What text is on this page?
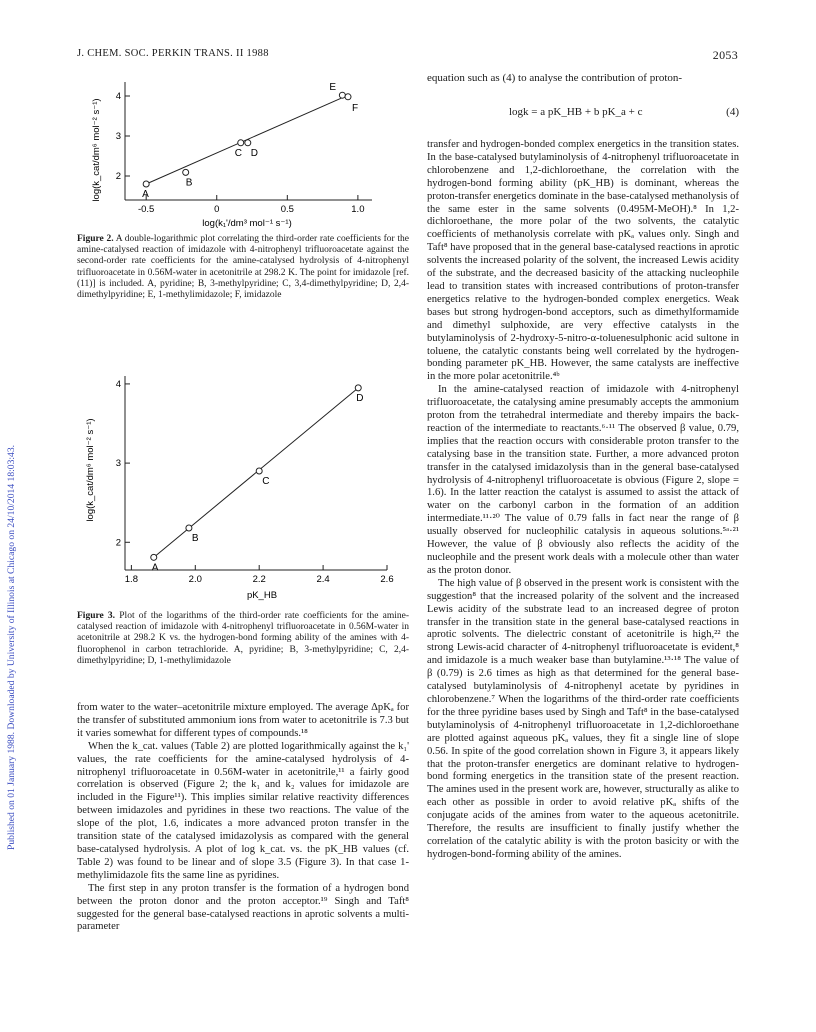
J. CHEM. SOC. PERKIN TRANS. II 1988	2053
Published on 01 January 1988. Downloaded by University of Illinois at Chicago on 24/10/2014 18:03:43.
-0.5	0	0.5	1.0
2
3
4
A
B
C D
E
F
log(k_cat/dm⁶ mol⁻² s⁻¹)
log(k₁'/dm³ mol⁻¹ s⁻¹)
Figure 2. A double-logarithmic plot correlating the third-order rate coefficients for the amine-catalysed reaction of imidazole with 4-nitrophenyl trifluoroacetate against the second-order rate coefficients for the amine-catalysed hydrolysis of 4-nitrophenyl trifluoroacetate in 0.56M-water in acetonitrile at 298.2 K. The point for imidazole [ref. (11)] is included. A, pyridine; B, 3-methylpyridine; C, 3,4-dimethylpyridine; D, 2,4-dimethylpyridine; E, 1-methylimidazole; F, imidazole
1.8	2.0	2.2	2.4	2.6
2
3
4
A
B
C
D
log(k_cat/dm⁶ mol⁻² s⁻¹)
pK_HB
Figure 3. Plot of the logarithms of the third-order rate coefficients for the amine-catalysed reaction of imidazole with 4-nitrophenyl trifluoroacetate in 0.56M-water in acetonitrile at 298.2 K vs. the hydrogen-bond forming ability of the amines with 4-fluorophenol in carbon tetrachloride. A, pyridine; B, 3-methylpyridine; C, 2,4-dimethylpyridine; D, 1-methylimidazole

from water to the water–acetonitrile mixture employed. The average ΔpKₐ for the transfer of substituted ammonium ions from water to acetonitrile is 7.3 but it varies somewhat for different types of compounds.¹⁸

When the k_cat. values (Table 2) are plotted logarithmically against the k₁' values, the rate coefficients for the amine-catalysed hydrolysis of 4-nitrophenyl trifluoroacetate in 0.56M-water in acetonitrile,¹¹ a fairly good correlation is observed (Figure 2; the k₁ and k₂ values for imidazole are included in the Figure¹¹). This implies similar relative reactivity differences between imidazoles and pyridines in these two reactions. The value of the slope of the plot, 1.6, indicates a more advanced proton transfer in the transition state of the catalysed imidazolysis as compared with the general base-catalysed hydrolysis. A plot of log k_cat. vs. the pK_HB values (cf. Table 2) was found to be linear and of slope 3.5 (Figure 3). In that case 1-methylimidazole fits the same line as pyridines.

The first step in any proton transfer is the formation of a hydrogen bond between the proton donor and the proton acceptor.¹⁹ Singh and Taft⁸ suggested for the general base-catalysed reactions in aprotic solvents a multi-parameter

equation such as (4) to analyse the contribution of proton-
logk = a pK_HB + b pK_a + c	(4)

transfer and hydrogen-bonded complex energetics in the transition states. In the base-catalysed butylaminolysis of 4-nitrophenyl trifluoroacetate in chlorobenzene and 1,2-dichloroethane, the correlation with the hydrogen-bond forming ability (pK_HB) is dominant, whereas the proton-transfer energetics dominate in the base-catalysed methanolysis of the same ester in the same solvents (0.495M-MeOH).⁸ In 1,2-dichloroethane, the more polar of the two solvents, the catalytic coefficients of methanolysis correlate with pKₐ values only. Singh and Taft⁸ have proposed that in the general base-catalysed reactions in aprotic solvents the increased polarity of the solvent, the increased Lewis acidity of the substrate, and the decreased basicity of the attacking nucleophile lead to transition states with increased contributions of proton-transfer energetics relative to the hydrogen-bonded complex energetics. Weak bases but strong hydrogen-bond acceptors, such as dimethylformamide and dimethyl sulphoxide, are very effective catalysts in the butylaminolysis of 2-hydroxy-5-nitro-α-toluenesulphonic acid sultone in toluene, the catalytic constants being well correlated by the hydrogen-bonding parameter pK_HB. However, the same catalysts are ineffective in the more polar acetonitrile.⁴ᵇ

In the amine-catalysed reaction of imidazole with 4-nitrophenyl trifluoroacetate, the catalysing amine presumably accepts the ammonium proton from the tetrahedral intermediate and thereby impairs the back-reaction of the intermediate to reactants.⁶·¹¹ The observed β value, 0.79, implies that the reaction occurs with considerable proton transfer to the catalysing base in the transition state. Further, a more advanced proton transfer in the catalysed imidazolysis than in the general base-catalysed hydrolysis of 4-nitrophenyl trifluoroacetate is obvious (Figure 2, slope = 1.6). In the latter reaction the catalyst is assumed to assist the attack of water on the carbonyl carbon in the formation of an addition intermediate.¹¹·²⁰ The value of 0.79 falls in fact near the range of β usually observed for nucleophilic catalysis in aqueous solutions.⁵ᵃ·²¹ However, the value of β obviously also reflects the acidity of the nucleophile and the present work deals with a molecule other than water as the proton donor.

The high value of β observed in the present work is consistent with the suggestion⁸ that the increased polarity of the solvent and the increased Lewis acidity of the substrate lead to an increased degree of proton transfer in the transition state in the general base-catalysed reactions in aprotic solvents. The dielectric constant of acetonitrile is high,²² the strong Lewis-acid character of 4-nitrophenyl trifluoroacetate is evident,⁸ and imidazole is a much weaker base than butylamine.¹³·¹⁸ The value of β (0.79) is 2.6 times as high as that determined for the general base-catalysed butylaminolysis of 4-nitrophenyl acetate by pyridines in chlorobenzene.⁷ When the logarithms of the third-order rate coefficients for the three pyridine bases used by Singh and Taft⁸ in the base-catalysed butylaminolysis of 4-nitrophenyl trifluoroacetate in 1,2-dichloroethane are plotted against aqueous pKₐ values, they fit a single line of slope 0.56. In spite of the good correlation shown in Figure 3, it appears likely that the proton-transfer energetics are dominant relative to hydrogen-bond forming energetics in the transition state of the present reaction. The amines used in the present work are, however, structurally as alike to each other as possible in order to avoid relative pKₐ shifts of the conjugate acids of the amines from water to the aqueous acetonitrile. Therefore, the results are insufficient to finally justify whether the correlation of the catalytic ability is with the proton basicity or with the hydrogen-bond-forming ability of the amines.
